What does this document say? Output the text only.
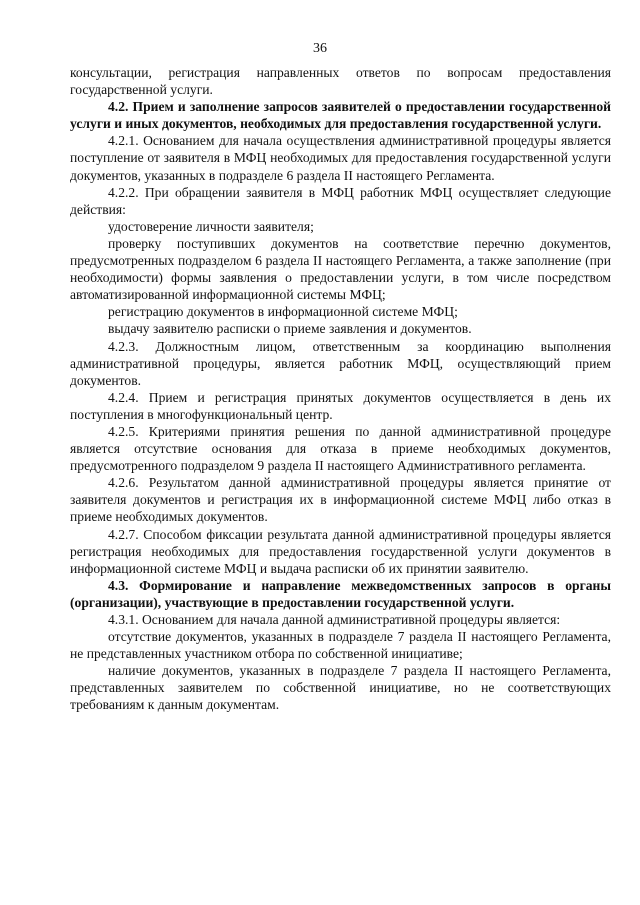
36

консультации, регистрация направленных ответов по вопросам предоставления государственной услуги.

4.2. Прием и заполнение запросов заявителей о предоставлении государственной услуги и иных документов, необходимых для предоставления государственной услуги.

4.2.1. Основанием для начала осуществления административной процедуры является поступление от заявителя в МФЦ необходимых для предоставления государственной услуги документов, указанных в подразделе 6 раздела II настоящего Регламента.

4.2.2. При обращении заявителя в МФЦ работник МФЦ осуществляет следующие действия:

удостоверение личности заявителя;

проверку поступивших документов на соответствие перечню документов, предусмотренных подразделом 6 раздела II настоящего Регламента, а также заполнение (при необходимости) формы заявления о предоставлении услуги, в том числе посредством автоматизированной информационной системы МФЦ;

регистрацию документов в информационной системе МФЦ;

выдачу заявителю расписки о приеме заявления и документов.

4.2.3. Должностным лицом, ответственным за координацию выполнения административной процедуры, является работник МФЦ, осуществляющий прием документов.

4.2.4. Прием и регистрация принятых документов осуществляется в день их поступления в многофункциональный центр.

4.2.5. Критериями принятия решения по данной административной процедуре является отсутствие основания для отказа в приеме необходимых документов, предусмотренного подразделом 9 раздела II настоящего Административного регламента.

4.2.6. Результатом данной административной процедуры является принятие от заявителя документов и регистрация их в информационной системе МФЦ либо отказ в приеме необходимых документов.

4.2.7. Способом фиксации результата данной административной процедуры является регистрация необходимых для предоставления государственной услуги документов в информационной системе МФЦ и выдача расписки об их принятии заявителю.

4.3. Формирование и направление межведомственных запросов в органы (организации), участвующие в предоставлении государственной услуги.

4.3.1. Основанием для начала данной административной процедуры является:

отсутствие документов, указанных в подразделе 7 раздела II настоящего Регламента, не представленных участником отбора по собственной инициативе;

наличие документов, указанных в подразделе 7 раздела II настоящего Регламента, представленных заявителем по собственной инициативе, но не соответствующих требованиям к данным документам.
